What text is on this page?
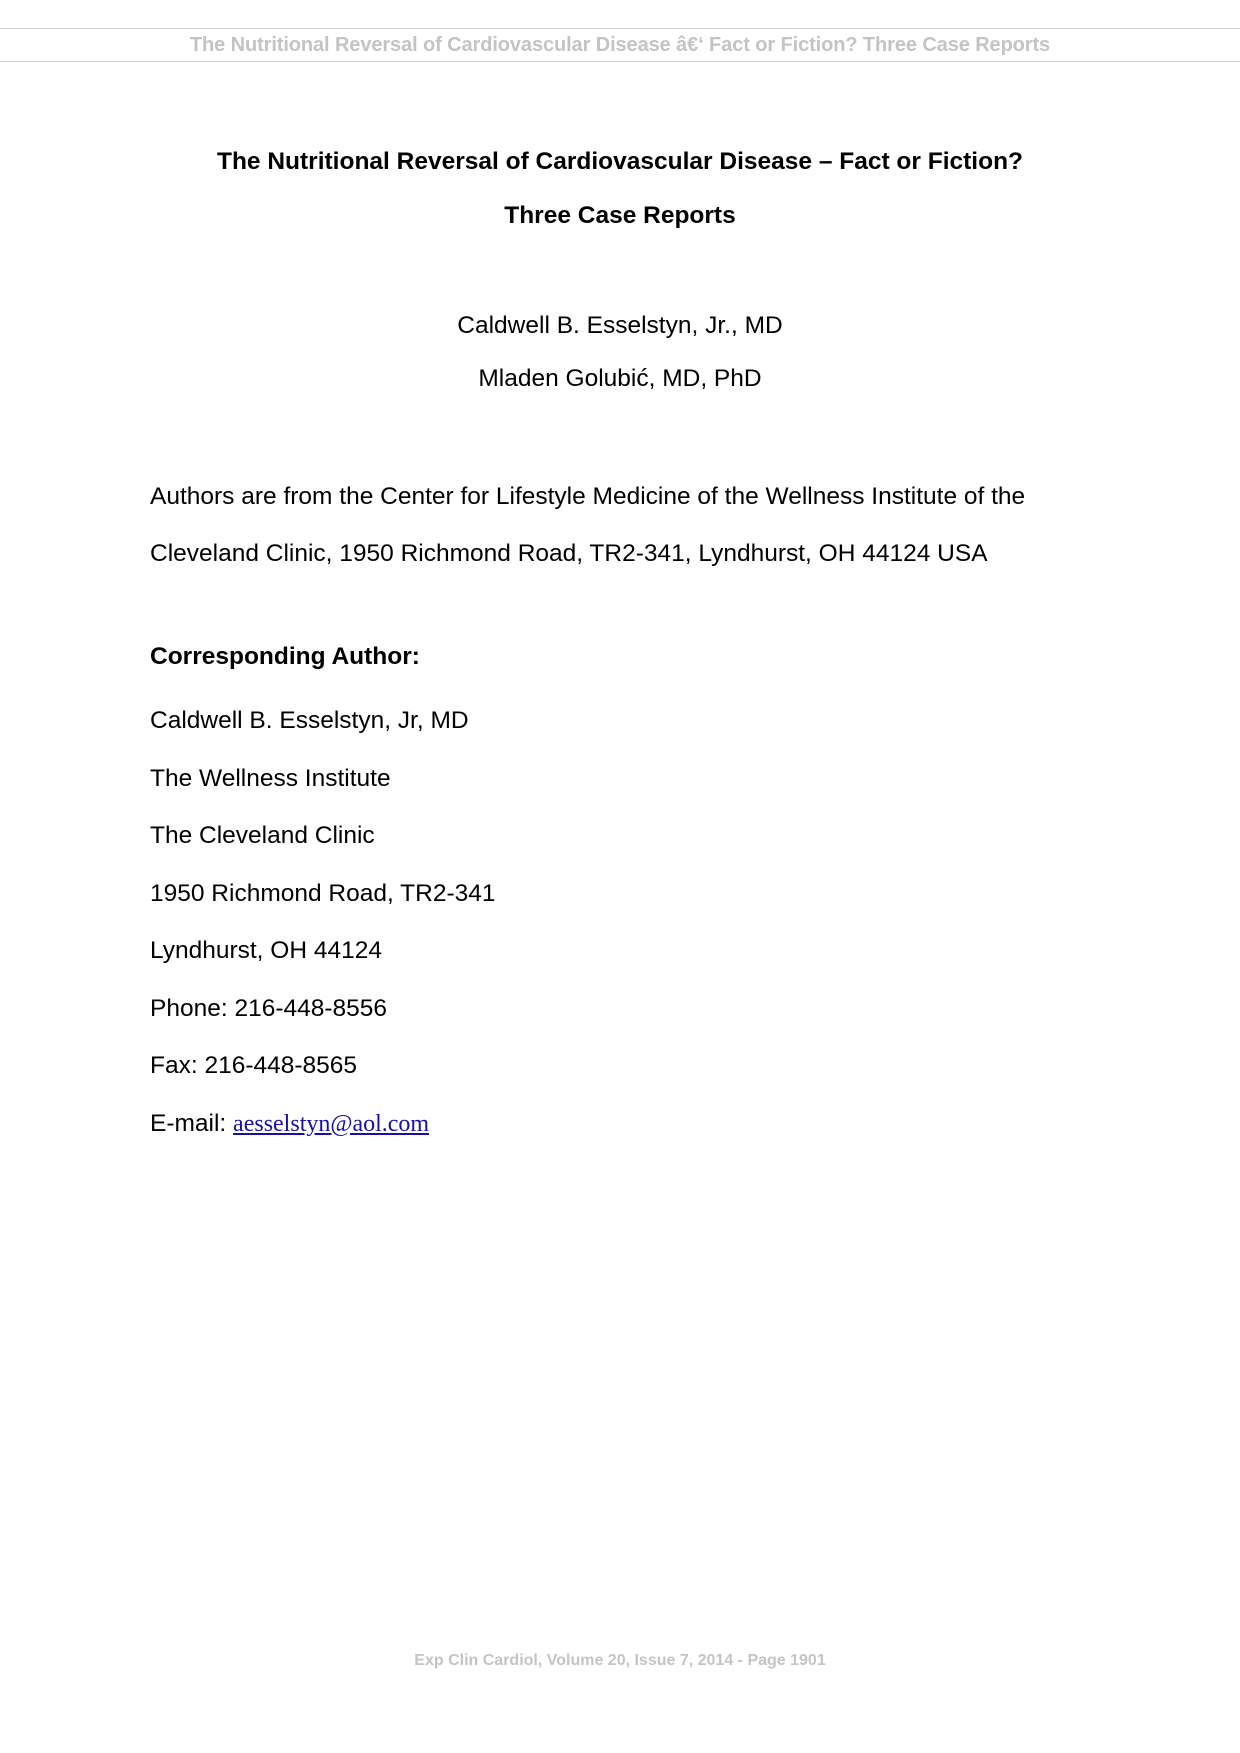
The Nutritional Reversal of Cardiovascular Disease â€‘ Fact or Fiction? Three Case Reports
The Nutritional Reversal of Cardiovascular Disease – Fact or Fiction?
Three Case Reports
Caldwell B. Esselstyn, Jr., MD
Mladen Golubić, MD, PhD
Authors are from the Center for Lifestyle Medicine of the Wellness Institute of the
Cleveland Clinic, 1950 Richmond Road, TR2-341, Lyndhurst, OH 44124 USA
Corresponding Author:
Caldwell B. Esselstyn, Jr, MD
The Wellness Institute
The Cleveland Clinic
1950 Richmond Road, TR2-341
Lyndhurst, OH 44124
Phone: 216-448-8556
Fax: 216-448-8565
E-mail: aesselstyn@aol.com
Exp Clin Cardiol, Volume 20, Issue 7, 2014 - Page 1901
